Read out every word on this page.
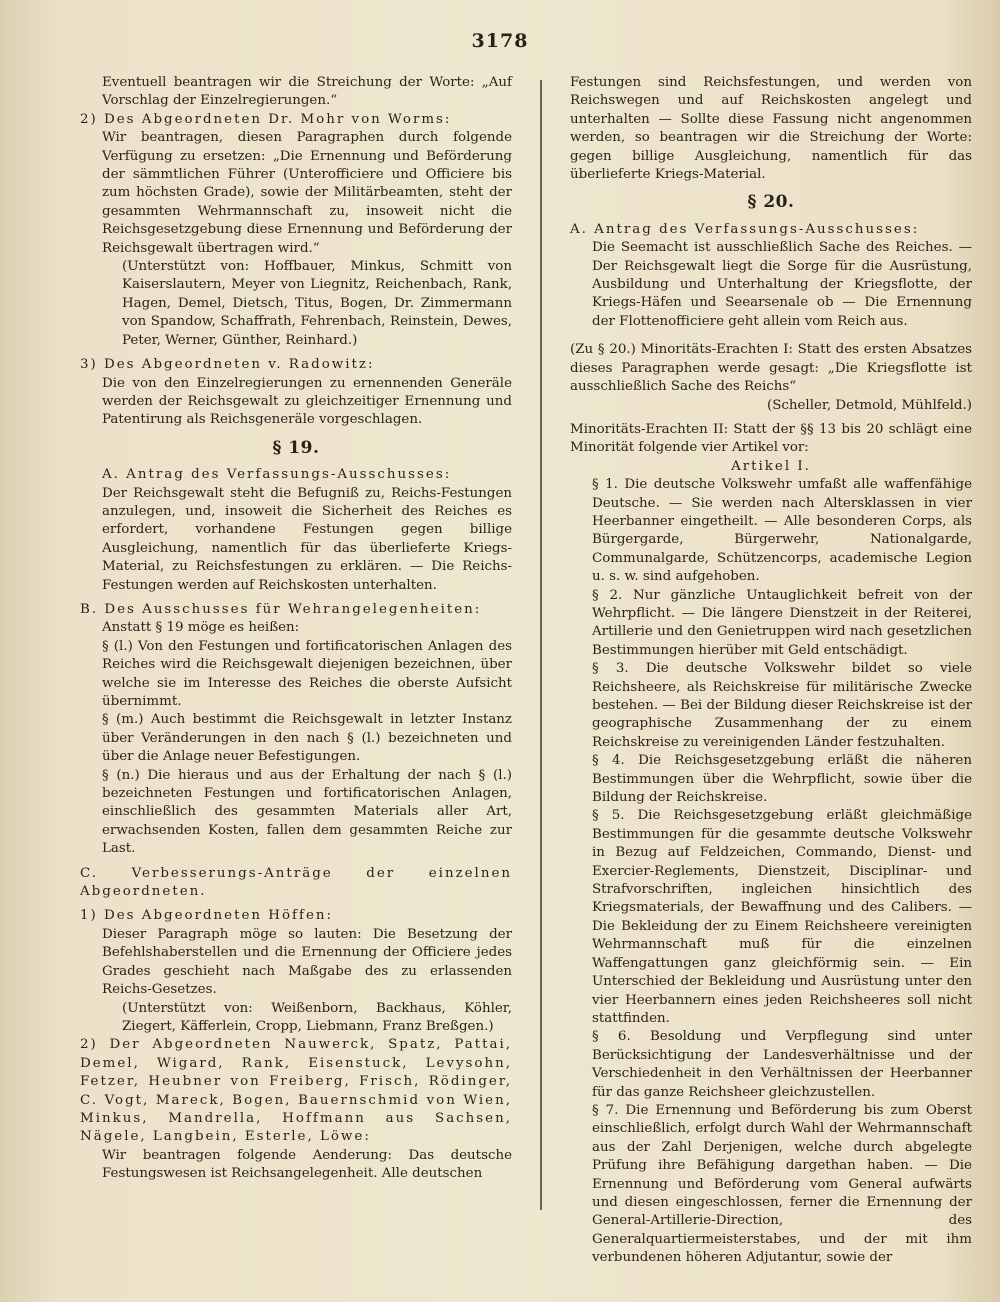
3178

Eventuell beantragen wir die Streichung der Worte: „Auf Vorschlag der Einzelregierungen.“

2) Des Abgeordneten Dr. Mohr von Worms:

Wir beantragen, diesen Paragraphen durch folgende Verfügung zu ersetzen: „Die Ernennung und Beförderung der sämmtlichen Führer (Unterofficiere und Officiere bis zum höchsten Grade), sowie der Militärbeamten, steht der gesammten Wehrmannschaft zu, insoweit nicht die Reichsgesetzgebung diese Ernennung und Beförderung der Reichsgewalt übertragen wird.“

(Unterstützt von: Hoffbauer, Minkus, Schmitt von Kaiserslautern, Meyer von Liegnitz, Reichenbach, Rank, Hagen, Demel, Dietsch, Titus, Bogen, Dr. Zimmermann von Spandow, Schaffrath, Fehrenbach, Reinstein, Dewes, Peter, Werner, Günther, Reinhard.)

3) Des Abgeordneten v. Radowitz:

Die von den Einzelregierungen zu ernennenden Generäle werden der Reichsgewalt zu gleichzeitiger Ernennung und Patentirung als Reichsgeneräle vorgeschlagen.

§ 19.

A. Antrag des Verfassungs-Ausschusses:

Der Reichsgewalt steht die Befugniß zu, Reichs-Festungen anzulegen, und, insoweit die Sicherheit des Reiches es erfordert, vorhandene Festungen gegen billige Ausgleichung, namentlich für das überlieferte Kriegs-Material, zu Reichsfestungen zu erklären. — Die Reichs-Festungen werden auf Reichskosten unterhalten.

B. Des Ausschusses für Wehrangelegenheiten:

Anstatt § 19 möge es heißen:

§ (l.) Von den Festungen und fortificatorischen Anlagen des Reiches wird die Reichsgewalt diejenigen bezeichnen, über welche sie im Interesse des Reiches die oberste Aufsicht übernimmt.

§ (m.) Auch bestimmt die Reichsgewalt in letzter Instanz über Veränderungen in den nach § (l.) bezeichneten und über die Anlage neuer Befestigungen.

§ (n.) Die hieraus und aus der Erhaltung der nach § (l.) bezeichneten Festungen und fortificatorischen Anlagen, einschließlich des gesammten Materials aller Art, erwachsenden Kosten, fallen dem gesammten Reiche zur Last.

C. Verbesserungs-Anträge der einzelnen Abgeordneten.

1) Des Abgeordneten Höffen:

Dieser Paragraph möge so lauten: Die Besetzung der Befehlshaberstellen und die Ernennung der Officiere jedes Grades geschieht nach Maßgabe des zu erlassenden Reichs-Gesetzes.

(Unterstützt von: Weißenborn, Backhaus, Köhler, Ziegert, Käfferlein, Cropp, Liebmann, Franz Breßgen.)

2) Der Abgeordneten Nauwerck, Spatz, Pattai, Demel, Wigard, Rank, Eisenstuck, Levysohn, Fetzer, Heubner von Freiberg, Frisch, Rödinger, C. Vogt, Mareck, Bogen, Bauernschmid von Wien, Minkus, Mandrella, Hoffmann aus Sachsen, Nägele, Langbein, Esterle, Löwe:

Wir beantragen folgende Aenderung: Das deutsche Festungswesen ist Reichsangelegenheit. Alle deutschen

Festungen sind Reichsfestungen, und werden von Reichswegen und auf Reichskosten angelegt und unterhalten — Sollte diese Fassung nicht angenommen werden, so beantragen wir die Streichung der Worte: gegen billige Ausgleichung, namentlich für das überlieferte Kriegs-Material.

§ 20.

A. Antrag des Verfassungs-Ausschusses:

Die Seemacht ist ausschließlich Sache des Reiches. — Der Reichsgewalt liegt die Sorge für die Ausrüstung, Ausbildung und Unterhaltung der Kriegsflotte, der Kriegs-Häfen und Seearsenale ob — Die Ernennung der Flottenofficiere geht allein vom Reich aus.

(Zu § 20.) Minoritäts-Erachten I: Statt des ersten Absatzes dieses Paragraphen werde gesagt: „Die Kriegsflotte ist ausschließlich Sache des Reichs“

(Scheller, Detmold, Mühlfeld.)

Minoritäts-Erachten II: Statt der §§ 13 bis 20 schlägt eine Minorität folgende vier Artikel vor:

Artikel I.

§ 1. Die deutsche Volkswehr umfaßt alle waffenfähige Deutsche. — Sie werden nach Altersklassen in vier Heerbanner eingetheilt. — Alle besonderen Corps, als Bürgergarde, Bürgerwehr, Nationalgarde, Communalgarde, Schützencorps, academische Legion u. s. w. sind aufgehoben.

§ 2. Nur gänzliche Untauglichkeit befreit von der Wehrpflicht. — Die längere Dienstzeit in der Reiterei, Artillerie und den Genietruppen wird nach gesetzlichen Bestimmungen hierüber mit Geld entschädigt.

§ 3. Die deutsche Volkswehr bildet so viele Reichsheere, als Reichskreise für militärische Zwecke bestehen. — Bei der Bildung dieser Reichskreise ist der geographische Zusammenhang der zu einem Reichskreise zu vereinigenden Länder festzuhalten.

§ 4. Die Reichsgesetzgebung erläßt die näheren Bestimmungen über die Wehrpflicht, sowie über die Bildung der Reichskreise.

§ 5. Die Reichsgesetzgebung erläßt gleichmäßige Bestimmungen für die gesammte deutsche Volkswehr in Bezug auf Feldzeichen, Commando, Dienst- und Exercier-Reglements, Dienstzeit, Disciplinar- und Strafvorschriften, ingleichen hinsichtlich des Kriegsmaterials, der Bewaffnung und des Calibers. — Die Bekleidung der zu Einem Reichsheere vereinigten Wehrmannschaft muß für die einzelnen Waffengattungen ganz gleichförmig sein. — Ein Unterschied der Bekleidung und Ausrüstung unter den vier Heerbannern eines jeden Reichsheeres soll nicht stattfinden.

§ 6. Besoldung und Verpflegung sind unter Berücksichtigung der Landesverhältnisse und der Verschiedenheit in den Verhältnissen der Heerbanner für das ganze Reichsheer gleichzustellen.

§ 7. Die Ernennung und Beförderung bis zum Oberst einschließlich, erfolgt durch Wahl der Wehrmannschaft aus der Zahl Derjenigen, welche durch abgelegte Prüfung ihre Befähigung dargethan haben. — Die Ernennung und Beförderung vom General aufwärts und diesen eingeschlossen, ferner die Ernennung der General-Artillerie-Direction, des Generalquartiermeisterstabes, und der mit ihm verbundenen höheren Adjutantur, sowie der
